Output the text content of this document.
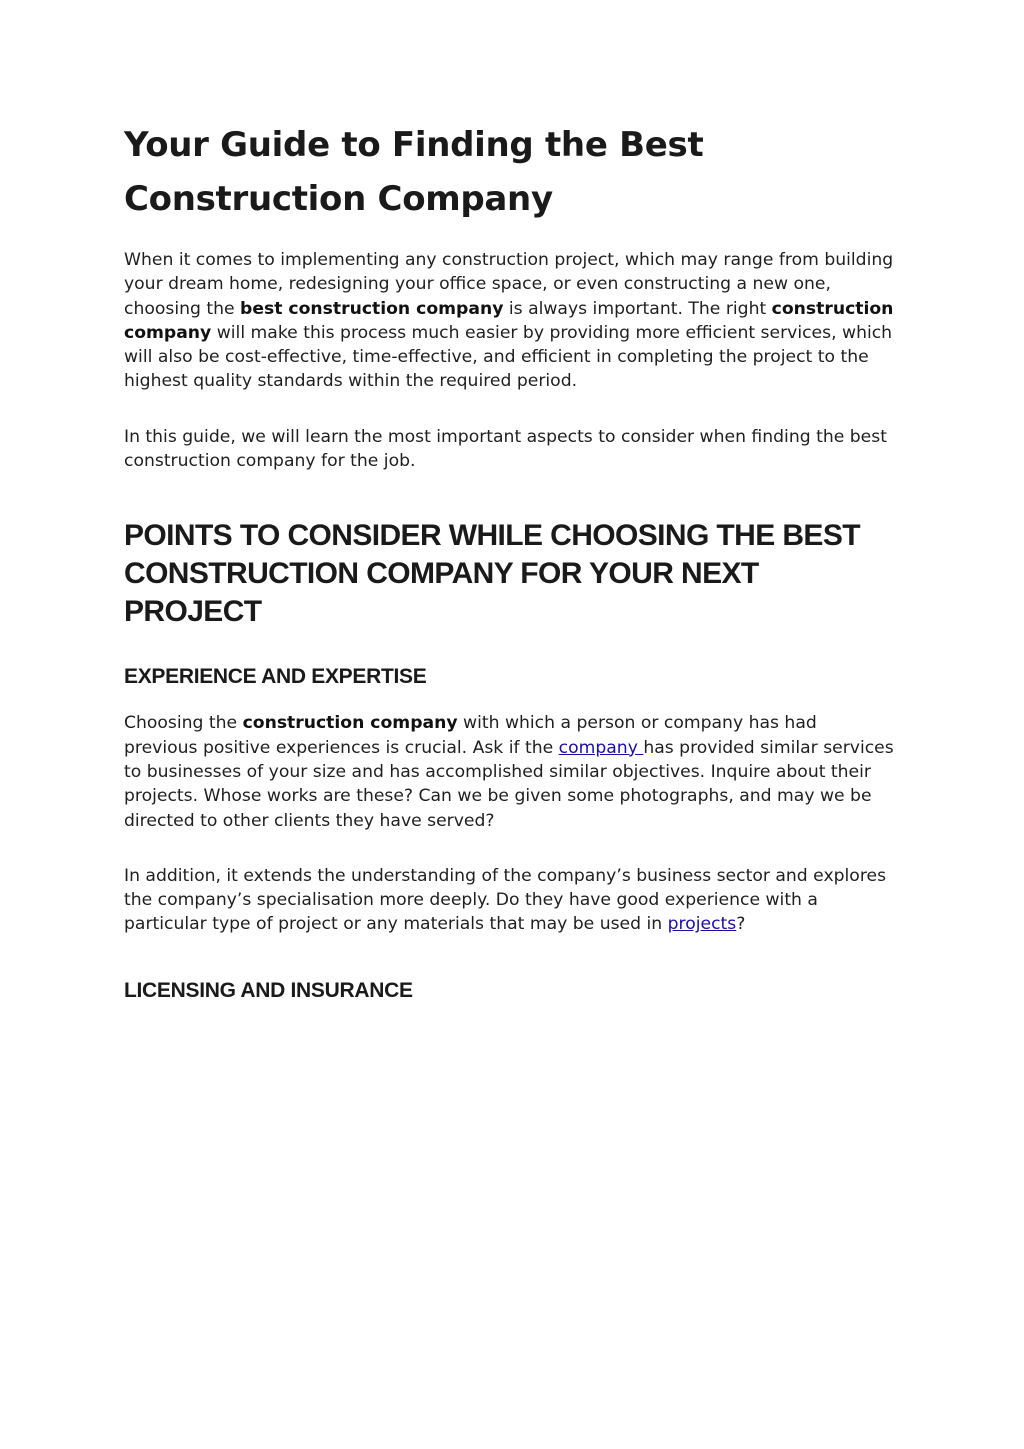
Your Guide to Finding the Best Construction Company

When it comes to implementing any construction project, which may range from building your dream home, redesigning your office space, or even constructing a new one, choosing the best construction company is always important. The right construction company will make this process much easier by providing more efficient services, which will also be cost-effective, time-effective, and efficient in completing the project to the highest quality standards within the required period.

In this guide, we will learn the most important aspects to consider when finding the best construction company for the job.

POINTS TO CONSIDER WHILE CHOOSING THE BEST CONSTRUCTION COMPANY FOR YOUR NEXT PROJECT
EXPERIENCE AND EXPERTISE

Choosing the construction company with which a person or company has had previous positive experiences is crucial. Ask if the company has provided similar services to businesses of your size and has accomplished similar objectives. Inquire about their projects. Whose works are these? Can we be given some photographs, and may we be directed to other clients they have served?

In addition, it extends the understanding of the company’s business sector and explores the company’s specialisation more deeply. Do they have good experience with a particular type of project or any materials that may be used in projects?

LICENSING AND INSURANCE
